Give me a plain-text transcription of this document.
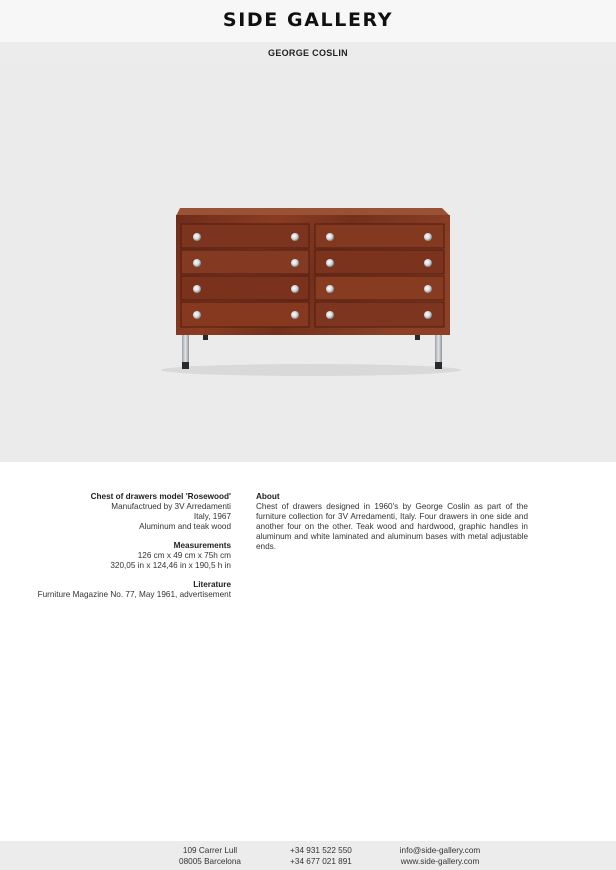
SIDE GALLERY
GEORGE COSLIN
Chest of drawers model 'Rosewood'
Manufactrued by 3V Arredamenti
Italy, 1967
Aluminum and teak wood
Measurements
126 cm x 49 cm x 75h cm
320,05 in x 124,46 in x 190,5 h in
Literature
Furniture Magazine No. 77, May 1961, advertisement
About
Chest of drawers designed in 1960's by George Coslin as part of the furniture collection for 3V Arredamenti, Italy. Four drawers in one side and another four on the other. Teak wood and hardwood, graphic handles in aluminum and white laminated and aluminum bases with metal adjustable ends.
109 Carrer Lull
08005 Barcelona
+34 931 522 550
+34 677 021 891
info@side-gallery.com
www.side-gallery.com
